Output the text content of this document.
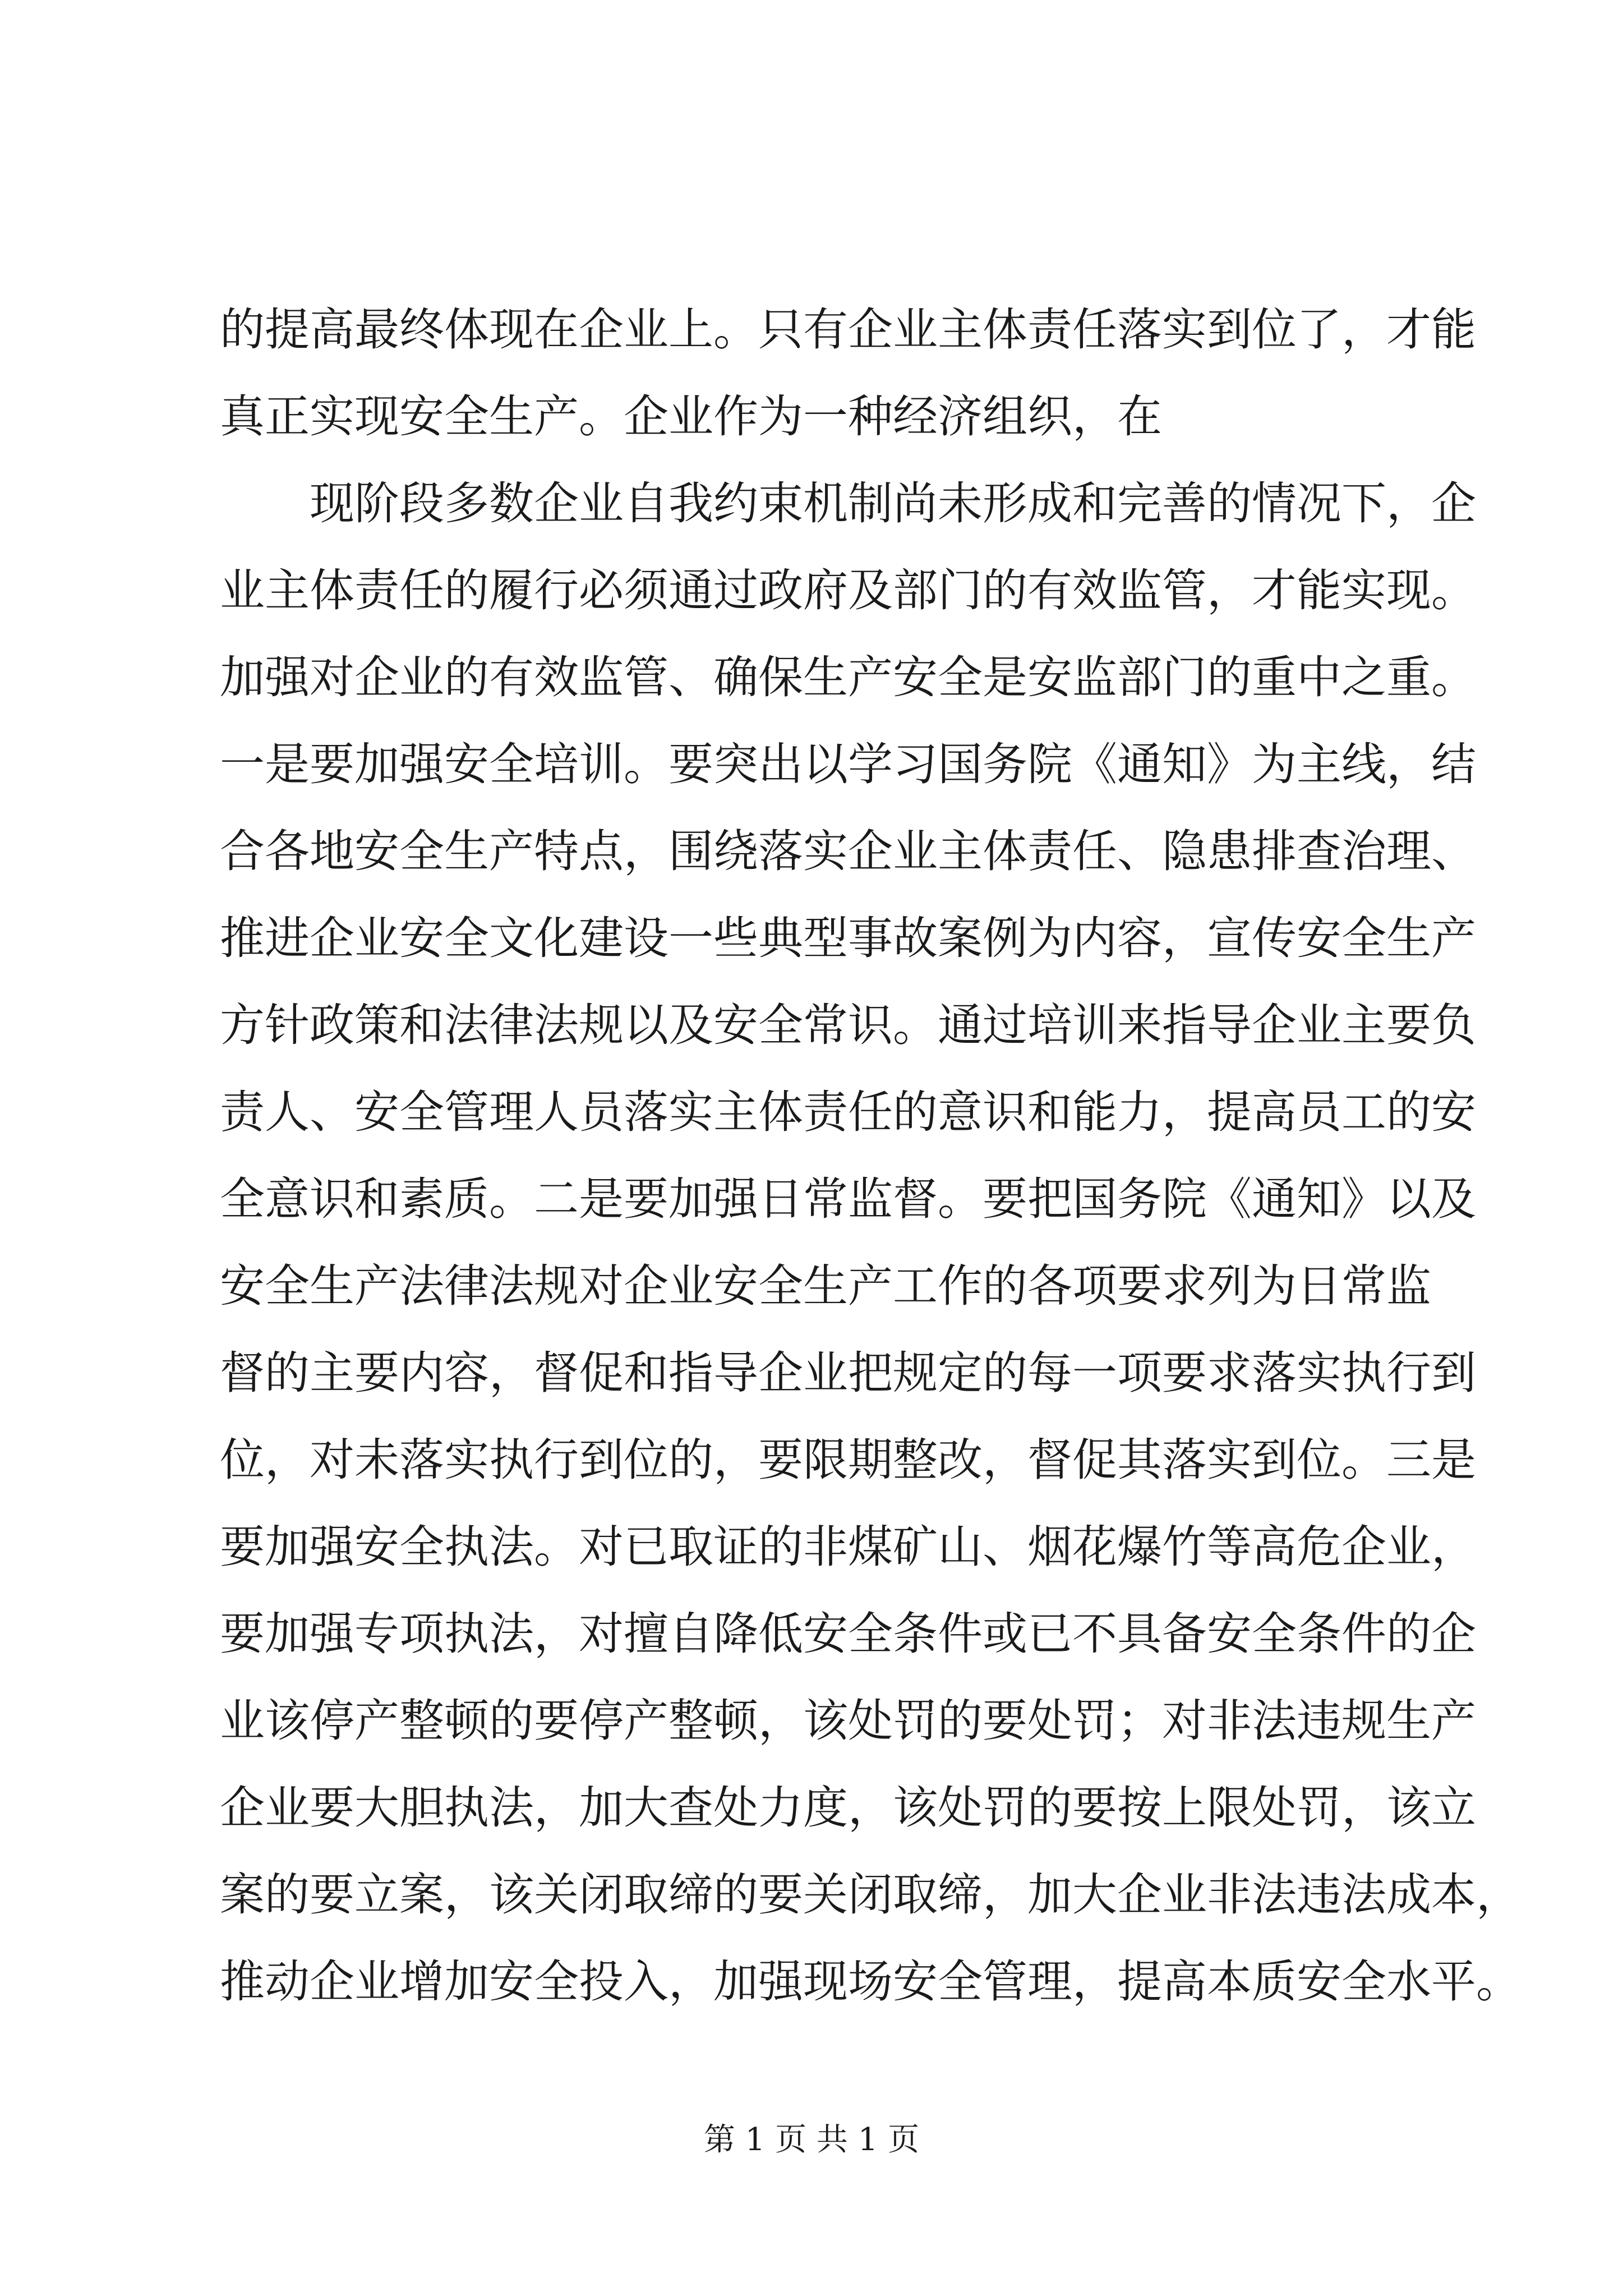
的提高最终体现在企业上。只有企业主体责任落实到位了，才能
真正实现安全生产。企业作为一种经济组织，在
现阶段多数企业自我约束机制尚未形成和完善的情况下，企
业主体责任的履行必须通过政府及部门的有效监管，才能实现。
加强对企业的有效监管、确保生产安全是安监部门的重中之重。
一是要加强安全培训。要突出以学习国务院《通知》为主线，结
合各地安全生产特点，围绕落实企业主体责任、隐患排查治理、
推进企业安全文化建设一些典型事故案例为内容，宣传安全生产
方针政策和法律法规以及安全常识。通过培训来指导企业主要负
责人、安全管理人员落实主体责任的意识和能力，提高员工的安
全意识和素质。二是要加强日常监督。要把国务院《通知》以及
安全生产法律法规对企业安全生产工作的各项要求列为日常监
督的主要内容，督促和指导企业把规定的每一项要求落实执行到
位，对未落实执行到位的，要限期整改，督促其落实到位。三是
要加强安全执法。对已取证的非煤矿山、烟花爆竹等高危企业，
要加强专项执法，对擅自降低安全条件或已不具备安全条件的企
业该停产整顿的要停产整顿，该处罚的要处罚；对非法违规生产
企业要大胆执法，加大查处力度，该处罚的要按上限处罚，该立
案的要立案，该关闭取缔的要关闭取缔，加大企业非法违法成本，
推动企业增加安全投入，加强现场安全管理，提高本质安全水平。
第 1 页 共 1 页
